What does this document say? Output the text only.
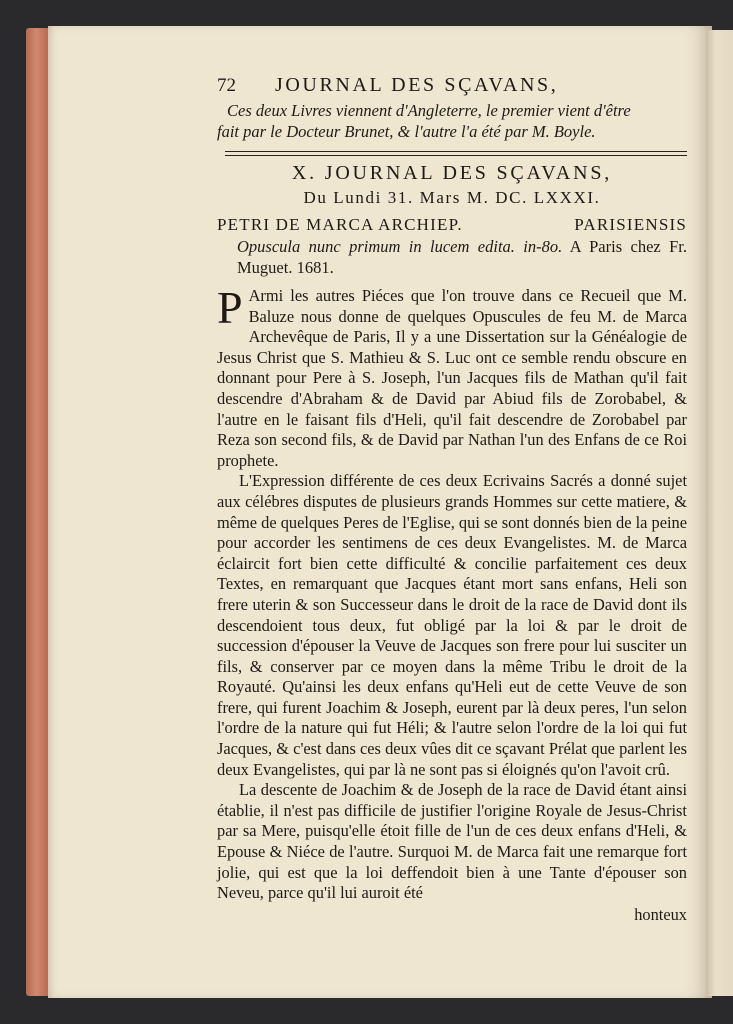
72	JOURNAL DES SÇAVANS,
Ces deux Livres viennent d'Angleterre, le premier vient d'être
fait par le Docteur Brunet, & l'autre l'a été par M. Boyle.
X. JOURNAL DES SÇAVANS,
Du Lundi 31. Mars M. DC. LXXXI.
PETRI DE MARCA ARCHIEP.	PARISIENSIS
Opuscula nunc primum in lucem edita. in-8o. A Paris chez Fr. Muguet. 1681.

P Armi les autres Piéces que l'on trouve dans ce Recueil que M. Baluze nous donne de quelques Opuscules de feu M. de Marca Archevêque de Paris, Il y a une Dissertation sur la Généalogie de Jesus Christ que S. Mathieu & S. Luc ont ce semble rendu obscure en donnant pour Pere à S. Joseph, l'un Jacques fils de Mathan qu'il fait descendre d'Abraham & de David par Abiud fils de Zorobabel, & l'autre en le faisant fils d'Heli, qu'il fait descendre de Zorobabel par Reza son second fils, & de David par Nathan l'un des Enfans de ce Roi prophete.

L'Expression différente de ces deux Ecrivains Sacrés a donné sujet aux célébres disputes de plusieurs grands Hommes sur cette matiere, & même de quelques Peres de l'Eglise, qui se sont donnés bien de la peine pour accorder les sentimens de ces deux Evangelistes. M. de Marca éclaircit fort bien cette difficulté & concilie parfaitement ces deux Textes, en remarquant que Jacques étant mort sans enfans, Heli son frere uterin & son Successeur dans le droit de la race de David dont ils descendoient tous deux, fut obligé par la loi & par le droit de succession d'épouser la Veuve de Jacques son frere pour lui susciter un fils, & conserver par ce moyen dans la même Tribu le droit de la Royauté. Qu'ainsi les deux enfans qu'Heli eut de cette Veuve de son frere, qui furent Joachim & Joseph, eurent par là deux peres, l'un selon l'ordre de la nature qui fut Héli; & l'autre selon l'ordre de la loi qui fut Jacques, & c'est dans ces deux vûes dit ce sçavant Prélat que parlent les deux Evangelistes, qui par là ne sont pas si éloignés qu'on l'avoit crû.

La descente de Joachim & de Joseph de la race de David étant ainsi établie, il n'est pas difficile de justifier l'origine Royale de Jesus-Christ par sa Mere, puisqu'elle étoit fille de l'un de ces deux enfans d'Heli, & Epouse & Niéce de l'autre. Surquoi M. de Marca fait une remarque fort jolie, qui est que la loi deffendoit bien à une Tante d'épouser son Neveu, parce qu'il lui auroit été

honteux
